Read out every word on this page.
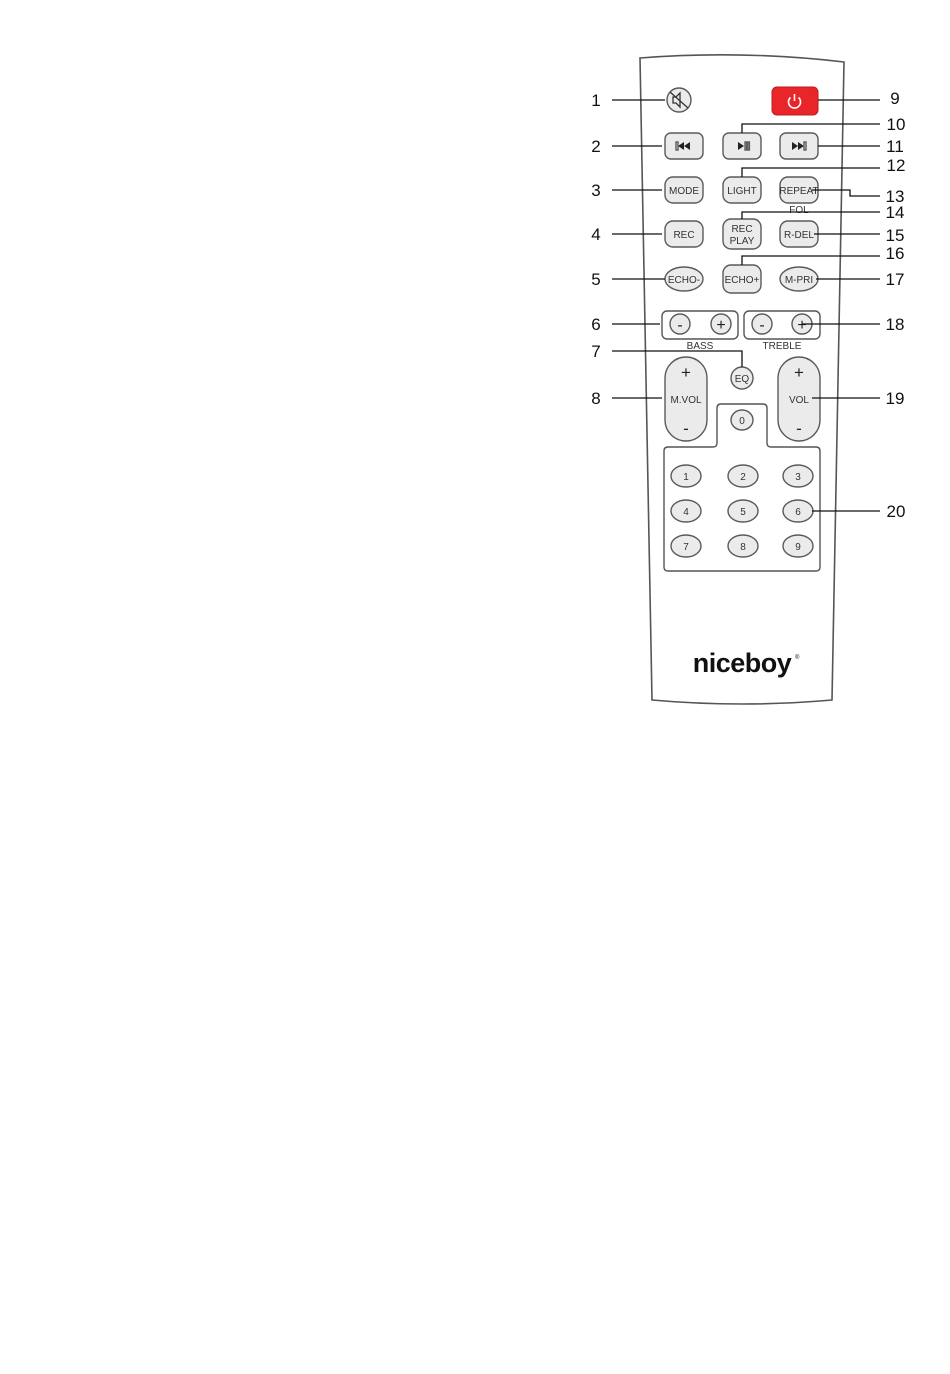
MODE	LIGHT REPEAT
FOL
REC
REC
PLAY
R-DEL
ECHO- ECHO+	M-PRI
- +
BASS
- +
TREBLE
EQ
+
M.VOL
-
+
VOL
-
0
1	2	3
4	5	6
7	8	9
niceboy ®
1
2
3
4
5
6
7
8
9
10
11
12
13
14
15
16
17
18
19
20
